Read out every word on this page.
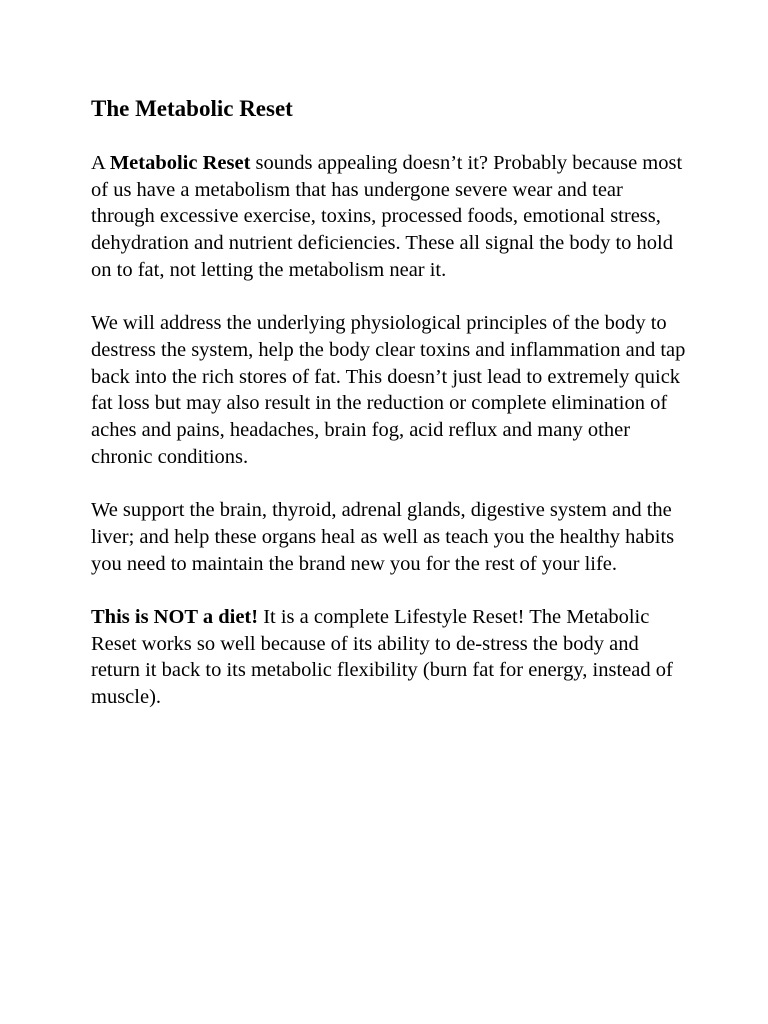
The Metabolic Reset

A Metabolic Reset sounds appealing doesn’t it? Probably because most of us have a metabolism that has undergone severe wear and tear through excessive exercise, toxins, processed foods, emotional stress, dehydration and nutrient deficiencies. These all signal the body to hold on to fat, not letting the metabolism near it.

We will address the underlying physiological principles of the body to destress the system, help the body clear toxins and inflammation and tap back into the rich stores of fat. This doesn’t just lead to extremely quick fat loss but may also result in the reduction or complete elimination of aches and pains, headaches, brain fog, acid reflux and many other chronic conditions.

We support the brain, thyroid, adrenal glands, digestive system and the liver; and help these organs heal as well as teach you the healthy habits you need to maintain the brand new you for the rest of your life.

This is NOT a diet! It is a complete Lifestyle Reset! The Metabolic Reset works so well because of its ability to de-stress the body and return it back to its metabolic flexibility (burn fat for energy, instead of muscle).
